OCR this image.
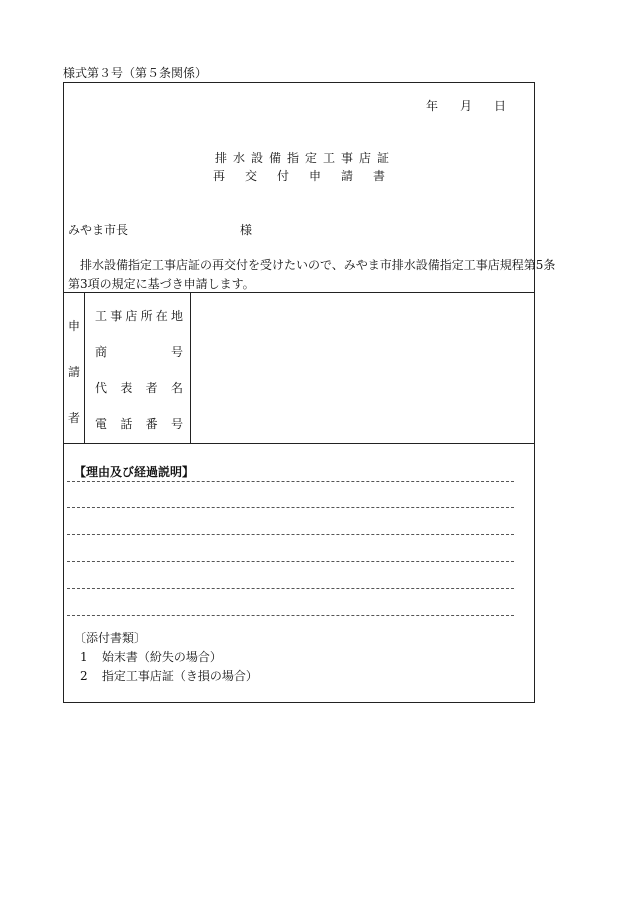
様式第３号（第５条関係）
年 月 日
排水設備指定工事店証
再交付申請書
みやま市長	様

排水設備指定工事店証の再交付を受けたいので、みやま市排水設備指定工事店規程第5条

第3項の規定に基づき申請します。

申
請
者
工 事 店 所 在 地
商	号
代 表 者 名
電 話 番 号
【理由及び経過説明】
〔添付書類〕
1 始末書（紛失の場合）
2 指定工事店証（き損の場合）
